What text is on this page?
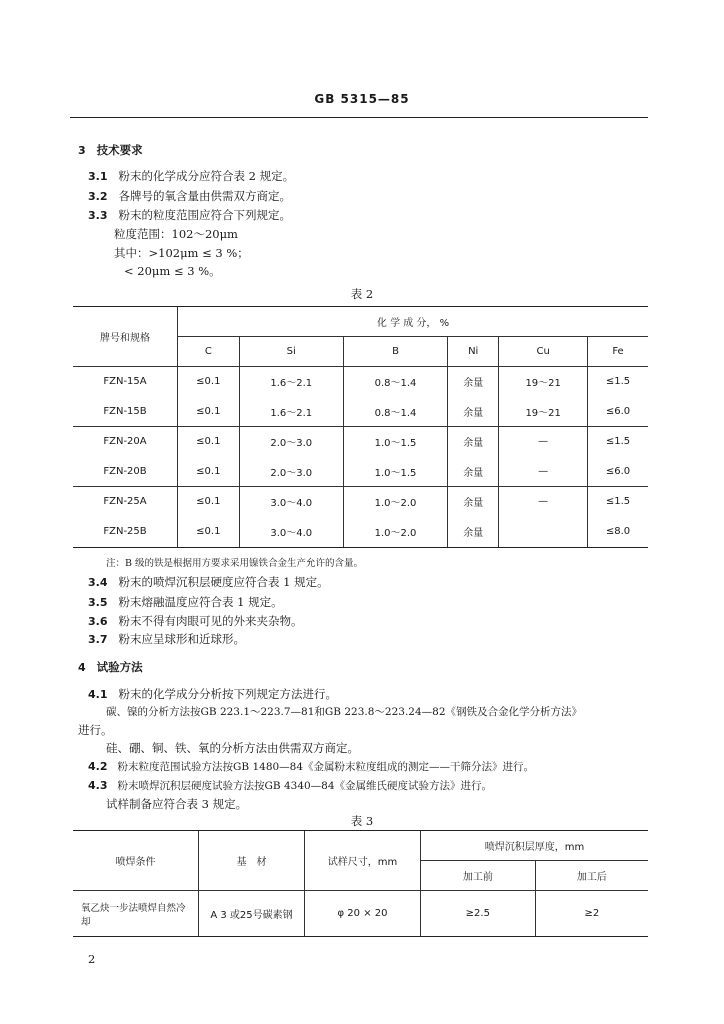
GB 5315—85
3 技术要求
3.1 粉末的化学成分应符合表 2 规定。
3.2 各牌号的氧含量由供需双方商定。
3.3 粉末的粒度范围应符合下列规定。
粒度范围：102～20μm
其中：>102μm ≤ 3 %；
< 20μm ≤ 3 %。
表 2
牌号和规格	化 学 成 分， %					
	C	Si	B	Ni	Cu	Fe
FZN-15A	≤0.1	1.6～2.1	0.8～1.4	余量	19～21	≤1.5
FZN-15B	≤0.1	1.6～2.1	0.8～1.4	余量	19～21	≤6.0
FZN-20A	≤0.1	2.0～3.0	1.0～1.5	余量	—	≤1.5
FZN-20B	≤0.1	2.0～3.0	1.0～1.5	余量	—	≤6.0
FZN-25A	≤0.1	3.0～4.0	1.0～2.0	余量	—	≤1.5
FZN-25B	≤0.1	3.0～4.0	1.0～2.0	余量		≤8.0
注：B 级的铁是根据用方要求采用镍铁合金生产允许的含量。
3.4 粉末的喷焊沉积层硬度应符合表 1 规定。
3.5 粉末熔融温度应符合表 1 规定。
3.6 粉末不得有肉眼可见的外来夹杂物。
3.7 粉末应呈球形和近球形。
4 试验方法
4.1 粉末的化学成分分析按下列规定方法进行。
碳、镍的分析方法按GB 223.1～223.7—81和GB 223.8～223.24—82《钢铁及合金化学分析方法》
进行。
硅、硼、铜、铁、氧的分析方法由供需双方商定。
4.2 粉末粒度范围试验方法按GB 1480—84《金属粉末粒度组成的测定——干筛分法》进行。
4.3 粉末喷焊沉积层硬度试验方法按GB 4340—84《金属维氏硬度试验方法》进行。
试样制备应符合表 3 规定。
表 3
喷焊条件	基　材	试样尺寸，mm	喷焊沉积层厚度，mm	
			加工前	加工后
氧乙炔一步法喷焊自然冷却	A 3 或25号碳素钢	φ 20 × 20	≥2.5	≥2
2
